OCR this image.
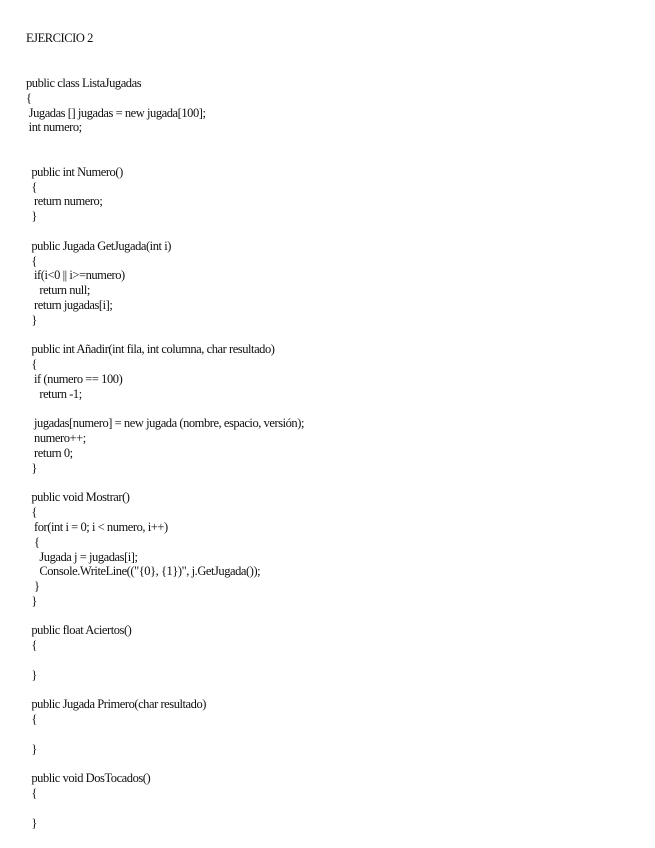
EJERCICIO 2
public class ListaJugadas
{
Jugadas [] jugadas = new jugada[100];
int numero;
public int Numero()
{
return numero;
}
public Jugada GetJugada(int i)
{
if(i<0 || i>=numero)
return null;
return jugadas[i];
}
public int Añadir(int fila, int columna, char resultado)
{
if (numero == 100)
return -1;
jugadas[numero] = new jugada (nombre, espacio, versión);
numero++;
return 0;
}
public void Mostrar()
{
for(int i = 0; i < numero, i++)
{
Jugada j = jugadas[i];
Console.WriteLine(("{0}, {1})", j.GetJugada());
}
}
public float Aciertos()
{
}
public Jugada Primero(char resultado)
{
}
public void DosTocados()
{
}
